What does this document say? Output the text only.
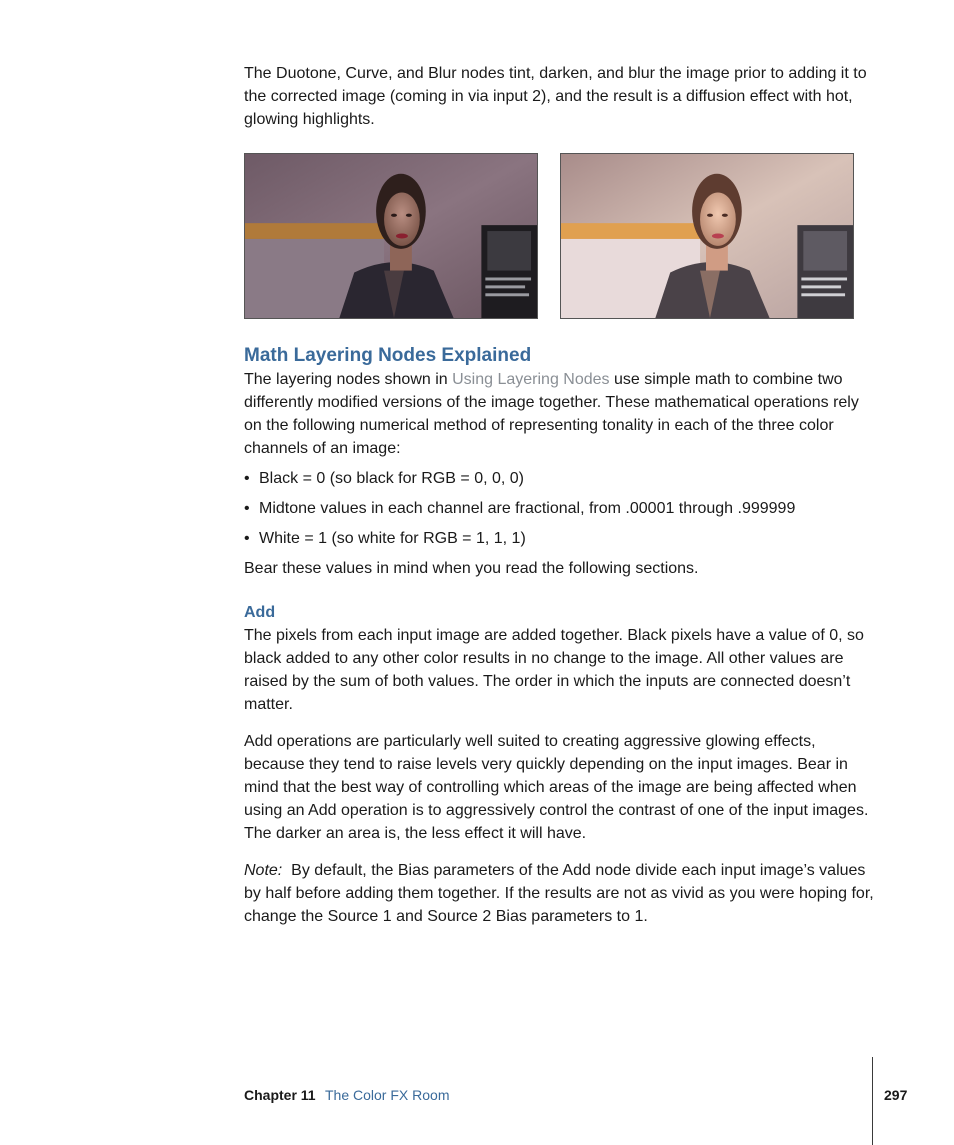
The Duotone, Curve, and Blur nodes tint, darken, and blur the image prior to adding it to the corrected image (coming in via input 2), and the result is a diffusion effect with hot, glowing highlights.

Math Layering Nodes Explained

The layering nodes shown in Using Layering Nodes use simple math to combine two differently modified versions of the image together. These mathematical operations rely on the following numerical method of representing tonality in each of the three color channels of an image:

• Black = 0 (so black for RGB = 0, 0, 0)
• Midtone values in each channel are fractional, from .00001 through .999999
• White = 1 (so white for RGB = 1, 1, 1)

Bear these values in mind when you read the following sections.

Add

The pixels from each input image are added together. Black pixels have a value of 0, so black added to any other color results in no change to the image. All other values are raised by the sum of both values. The order in which the inputs are connected doesn’t matter.

Add operations are particularly well suited to creating aggressive glowing effects, because they tend to raise levels very quickly depending on the input images. Bear in mind that the best way of controlling which areas of the image are being affected when using an Add operation is to aggressively control the contrast of one of the input images. The darker an area is, the less effect it will have.

Note: By default, the Bias parameters of the Add node divide each input image’s values by half before adding them together. If the results are not as vivid as you were hoping for, change the Source 1 and Source 2 Bias parameters to 1.

Chapter 11 The Color FX Room	297
